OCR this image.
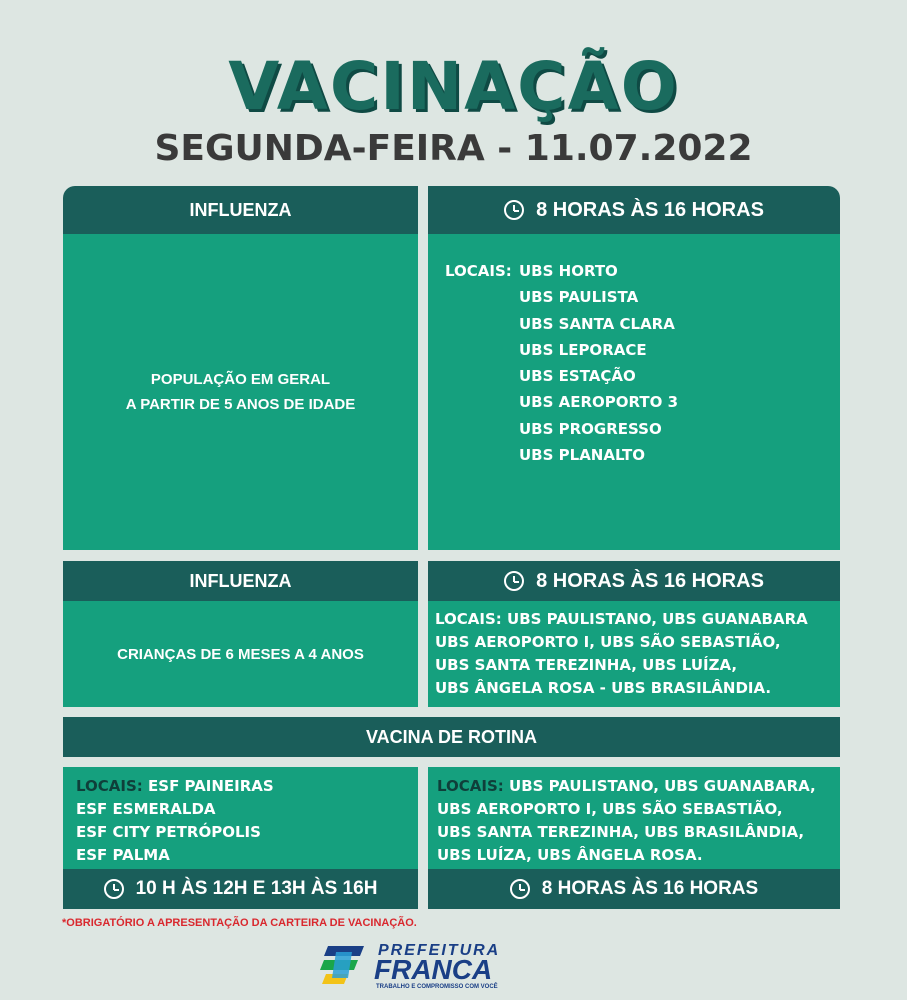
VACINAÇÃO
SEGUNDA-FEIRA - 11.07.2022
INFLUENZA	8 HORAS ÀS 16 HORAS
POPULAÇÃO EM GERAL
A PARTIR DE 5 ANOS DE IDADE
LOCAIS: UBS HORTO
UBS PAULISTA
UBS SANTA CLARA
UBS LEPORACE
UBS ESTAÇÃO
UBS AEROPORTO 3
UBS PROGRESSO
UBS PLANALTO
INFLUENZA	8 HORAS ÀS 16 HORAS
CRIANÇAS DE 6 MESES A 4 ANOS
LOCAIS: UBS PAULISTANO, UBS GUANABARA
UBS AEROPORTO I, UBS SÃO SEBASTIÃO,
UBS SANTA TEREZINHA, UBS LUÍZA,
UBS ÂNGELA ROSA - UBS BRASILÂNDIA.
VACINA DE ROTINA
LOCAIS: ESF PAINEIRAS
ESF ESMERALDA
ESF CITY PETRÓPOLIS
ESF PALMA
10 H ÀS 12H E 13H ÀS 16H
LOCAIS: UBS PAULISTANO, UBS GUANABARA,
UBS AEROPORTO I, UBS SÃO SEBASTIÃO,
UBS SANTA TEREZINHA, UBS BRASILÂNDIA,
UBS LUÍZA, UBS ÂNGELA ROSA.
8 HORAS ÀS 16 HORAS
*OBRIGATÓRIO A APRESENTAÇÃO DA CARTEIRA DE VACINAÇÃO.
PREFEITURA
FRANCA
TRABALHO E COMPROMISSO COM VOCÊ
